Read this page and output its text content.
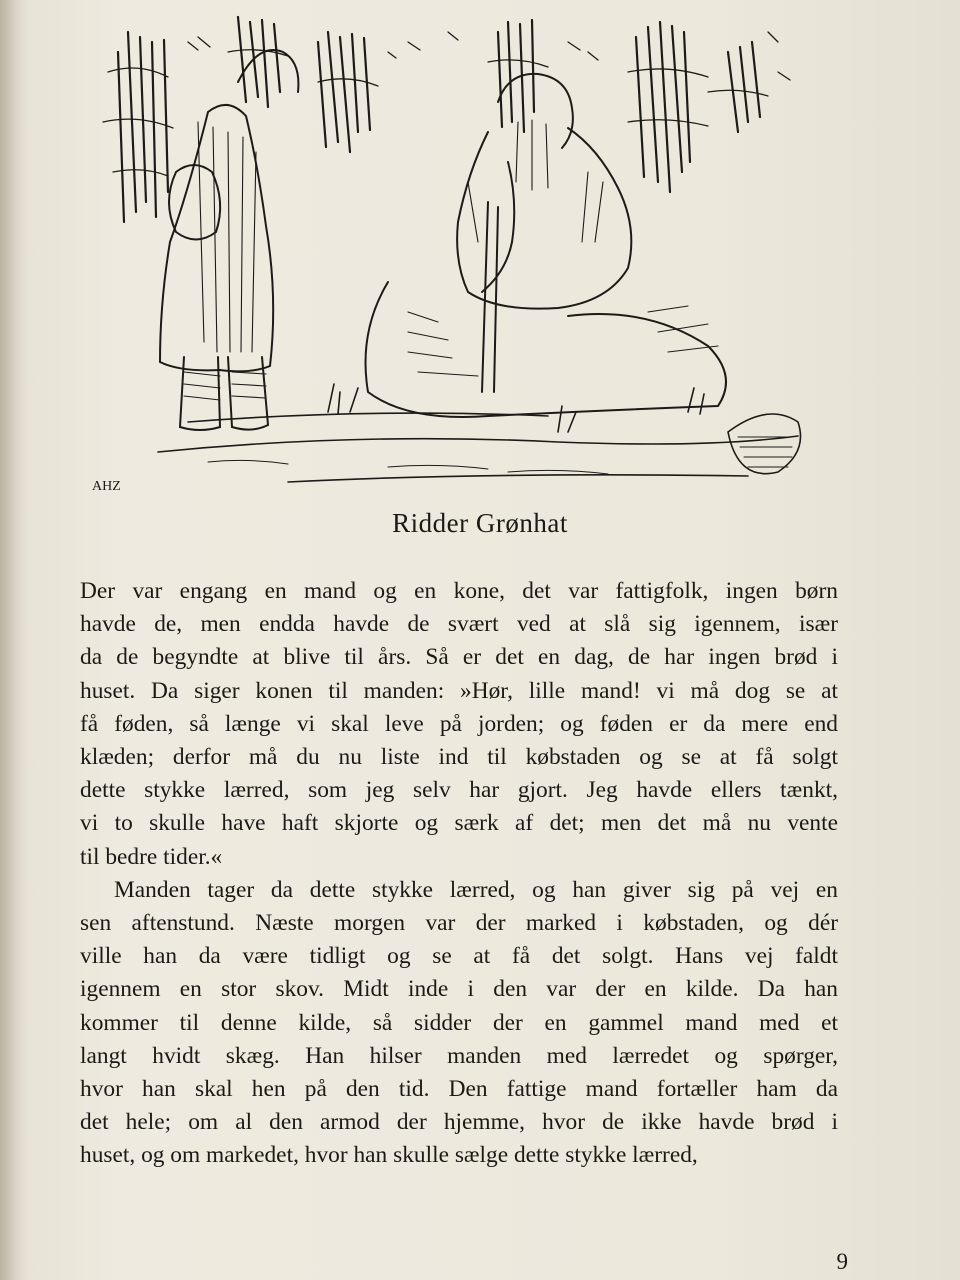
AHZ
Ridder Grønhat

Der var engang en mand og en kone, det var fattigfolk, ingen børn
havde de, men endda havde de svært ved at slå sig igennem, især
da de begyndte at blive til års. Så er det en dag, de har ingen brød i
huset. Da siger konen til manden: »Hør, lille mand! vi må dog se at
få føden, så længe vi skal leve på jorden; og føden er da mere end
klæden; derfor må du nu liste ind til købstaden og se at få solgt
dette stykke lærred, som jeg selv har gjort. Jeg havde ellers tænkt,
vi to skulle have haft skjorte og særk af det; men det må nu vente
til bedre tider.«

Manden tager da dette stykke lærred, og han giver sig på vej en
sen aftenstund. Næste morgen var der marked i købstaden, og dér
ville han da være tidligt og se at få det solgt. Hans vej faldt
igennem en stor skov. Midt inde i den var der en kilde. Da han
kommer til denne kilde, så sidder der en gammel mand med et
langt hvidt skæg. Han hilser manden med lærredet og spørger,
hvor han skal hen på den tid. Den fattige mand fortæller ham da
det hele; om al den armod der hjemme, hvor de ikke havde brød i
huset, og om markedet, hvor han skulle sælge dette stykke lærred,

9
